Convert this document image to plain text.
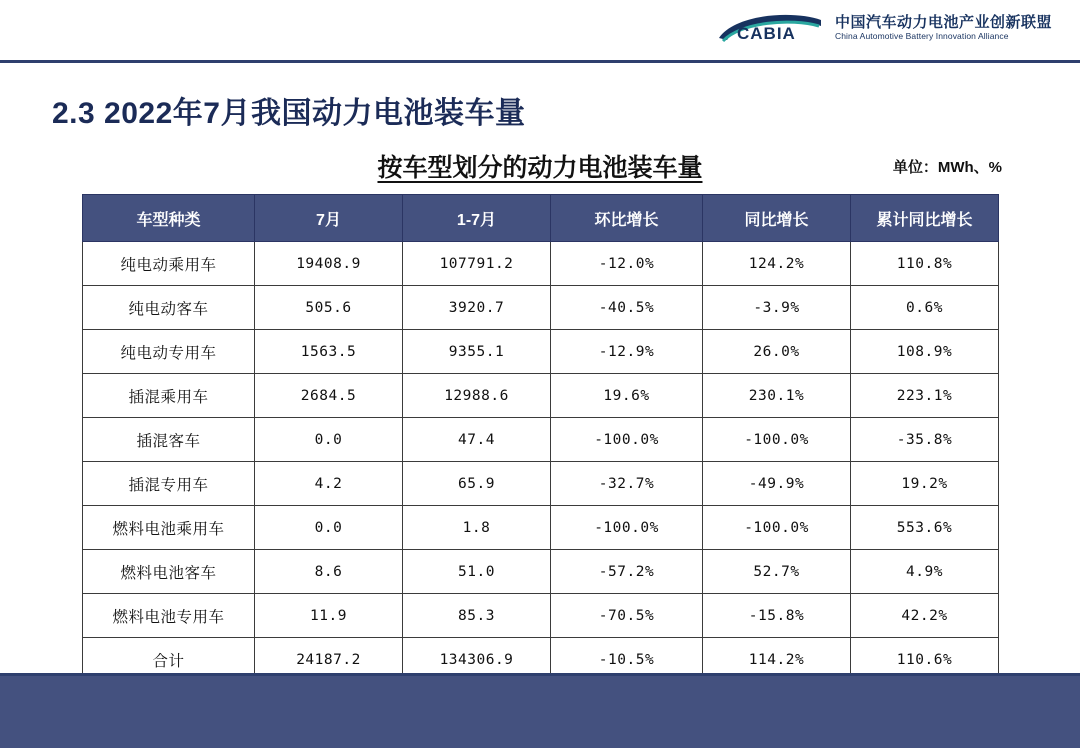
CABIA
中国汽车动力电池产业创新联盟
China Automotive Battery Innovation Alliance
2.3 2022年7月我国动力电池装车量
按车型划分的动力电池装车量	单位：MWh、%
车型种类	7月	1-7月	环比增长	同比增长	累计同比增长
纯电动乘用车	19408.9	107791.2	-12.0%	124.2%	110.8%
纯电动客车	505.6	3920.7	-40.5%	-3.9%	0.6%
纯电动专用车	1563.5	9355.1	-12.9%	26.0%	108.9%
插混乘用车	2684.5	12988.6	19.6%	230.1%	223.1%
插混客车	0.0	47.4	-100.0%	-100.0%	-35.8%
插混专用车	4.2	65.9	-32.7%	-49.9%	19.2%
燃料电池乘用车	0.0	1.8	-100.0%	-100.0%	553.6%
燃料电池客车	8.6	51.0	-57.2%	52.7%	4.9%
燃料电池专用车	11.9	85.3	-70.5%	-15.8%	42.2%
合计	24187.2	134306.9	-10.5%	114.2%	110.6%
